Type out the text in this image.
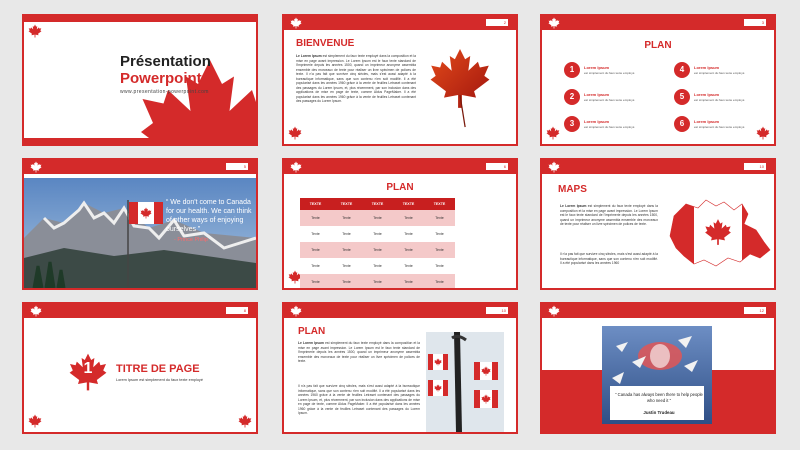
Présentation
Powerpoint
www.presentation-powerpoint.com
2
BIENVENUE
Le Lorem Ipsum est simplement du faux texte employé dans la composition et la mise en page avant impression. Le Lorem Ipsum est le faux texte standard de l'imprimerie depuis les années 1500, quand un imprimeur anonyme assembla ensemble des morceaux de texte pour réaliser un livre spécimen de polices de texte. Il n'a pas fait que survivre cinq siècles, mais s'est aussi adapté à la bureautique informatique, sans que son contenu n'en soit modifié. Il a été popularisé dans les années 1960 grâce à la vente de feuilles Letraset contenant des passages du Lorem Ipsum, et, plus récemment, par son inclusion dans des applications de mise en page de texte, comme Aldus PageMaker. Il a été popularisé dans les années 1960 grâce à la vente de feuilles Letraset contenant des passages du Lorem Ipsum.
3
PLAN
1	Lorem Ipsum
est simplement du faux texte employé
2	Lorem Ipsum
est simplement du faux texte employé
3	Lorem Ipsum
est simplement du faux texte employé
4	Lorem Ipsum
est simplement du faux texte employé
5	Lorem Ipsum
est simplement du faux texte employé
6	Lorem Ipsum
est simplement du faux texte employé
5
“ We don't come to Canada for our health. We can think of other ways of enjoying ourselves ”
- Prince Philip
6
PLAN
TEXTE	TEXTE	TEXTE	TEXTE	TEXTE
Texte	Texte	Texte	Texte	Texte
Texte	Texte	Texte	Texte	Texte
Texte	Texte	Texte	Texte	Texte
Texte	Texte	Texte	Texte	Texte
Texte	Texte	Texte	Texte	Texte
10
MAPS
Le Lorem Ipsum est simplement du faux texte employé dans la composition et la mise en page avant impression. Le Lorem Ipsum est le faux texte standard de l'imprimerie depuis les années 1500, quand un imprimeur anonyme assembla ensemble des morceaux de texte pour réaliser un livre spécimen de polices de texte.
Il n'a pas fait que survivre cinq siècles, mais s'est aussi adapté à la bureautique informatique, sans que son contenu n'en soit modifié. Il a été popularisé dans les années 1960
8
1	TITRE DE PAGE
Lorem Ipsum est simplement du faux texte employé
10
PLAN
Le Lorem Ipsum est simplement du faux texte employé dans la composition et la mise en page avant impression. Le Lorem Ipsum est le faux texte standard de l'imprimerie depuis les années 1500, quand un imprimeur anonyme assembla ensemble des morceaux de texte pour réaliser un livre spécimen de polices de texte.
Il n'a pas fait que survivre cinq siècles, mais s'est aussi adapté à la bureautique informatique, sans que son contenu n'en soit modifié. Il a été popularisé dans les années 1960 grâce à la vente de feuilles Letraset contenant des passages du Lorem Ipsum, et, plus récemment, par son inclusion dans des applications de mise en page de texte, comme Aldus PageMaker. Il a été popularisé dans les années 1960 grâce à la vente de feuilles Letraset contenant des passages du Lorem Ipsum.
12
“ Canada has always been there to help people who need it ”
Justin Trudeau
